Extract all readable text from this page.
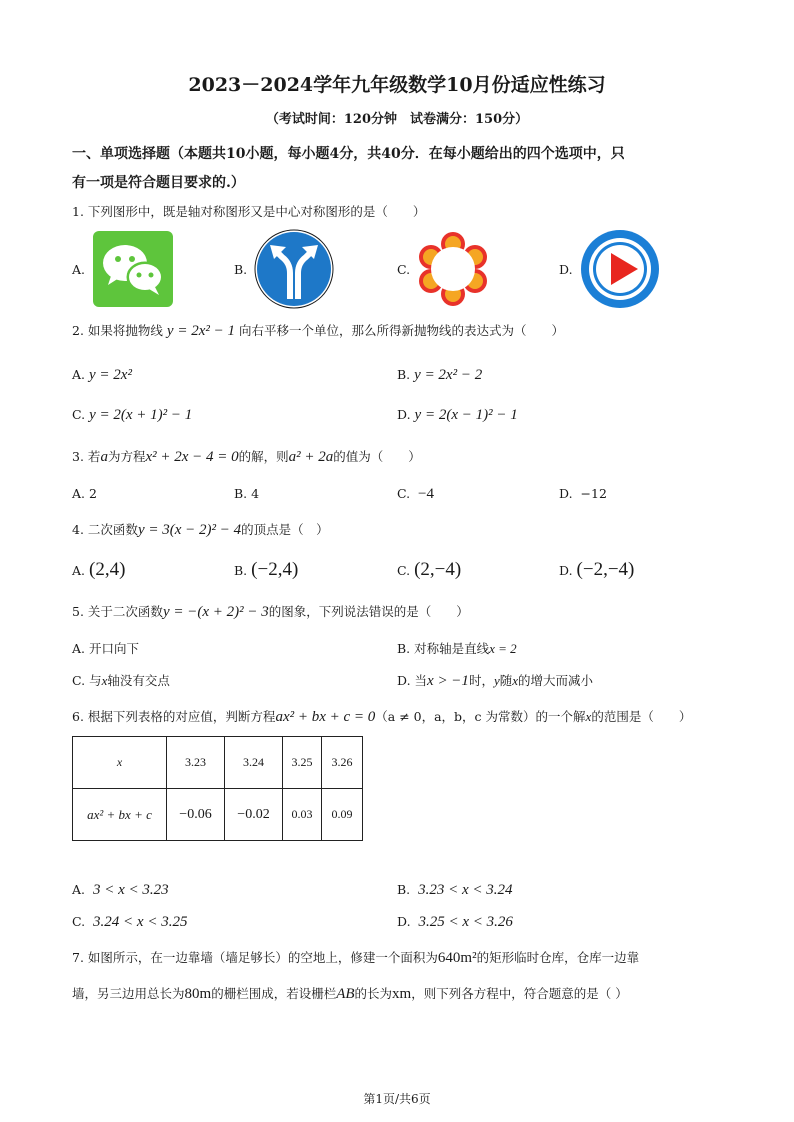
2023－2024学年九年级数学10月份适应性练习
（考试时间：120分钟　试卷满分：150分）
一、单项选择题（本题共10小题，每小题4分，共40分．在每小题给出的四个选项中，只
有一项是符合题目要求的.）
1. 下列图形中，既是轴对称图形又是中心对称图形的是（　　）
A.	B.	C.	D.
2. 如果将抛物线 y = 2x² − 1 向右平移一个单位，那么所得新抛物线的表达式为（　　）
A. y = 2x²	B. y = 2x² − 2
C. y = 2(x + 1)² − 1	D. y = 2(x − 1)² − 1
3. 若a为方程x² + 2x − 4 = 0的解，则a² + 2a的值为（　　）
A. 2	B. 4	C. −4	D. −12
4. 二次函数y = 3(x − 2)² − 4的顶点是（　）
A. (2,4)	B. (−2,4)	C. (2,−4)	D. (−2,−4)
5. 关于二次函数y = −(x + 2)² − 3的图象，下列说法错误的是（　　）
A. 开口向下	B. 对称轴是直线x = 2
C. 与x轴没有交点	D. 当x > −1时，y随x的增大而减小
6. 根据下列表格的对应值，判断方程ax² + bx + c = 0（a ≠ 0，a，b，c 为常数）的一个解x的范围是（　　）
x	3.23	3.24	3.25	3.26
ax² + bx + c	−0.06	−0.02	0.03	0.09
A. 3 < x < 3.23	B. 3.23 < x < 3.24
C. 3.24 < x < 3.25	D. 3.25 < x < 3.26
7. 如图所示，在一边靠墙（墙足够长）的空地上，修建一个面积为640m²的矩形临时仓库，仓库一边靠
墙，另三边用总长为80m的栅栏围成，若设栅栏AB的长为xm，则下列各方程中，符合题意的是（ ）
第1页/共6页
